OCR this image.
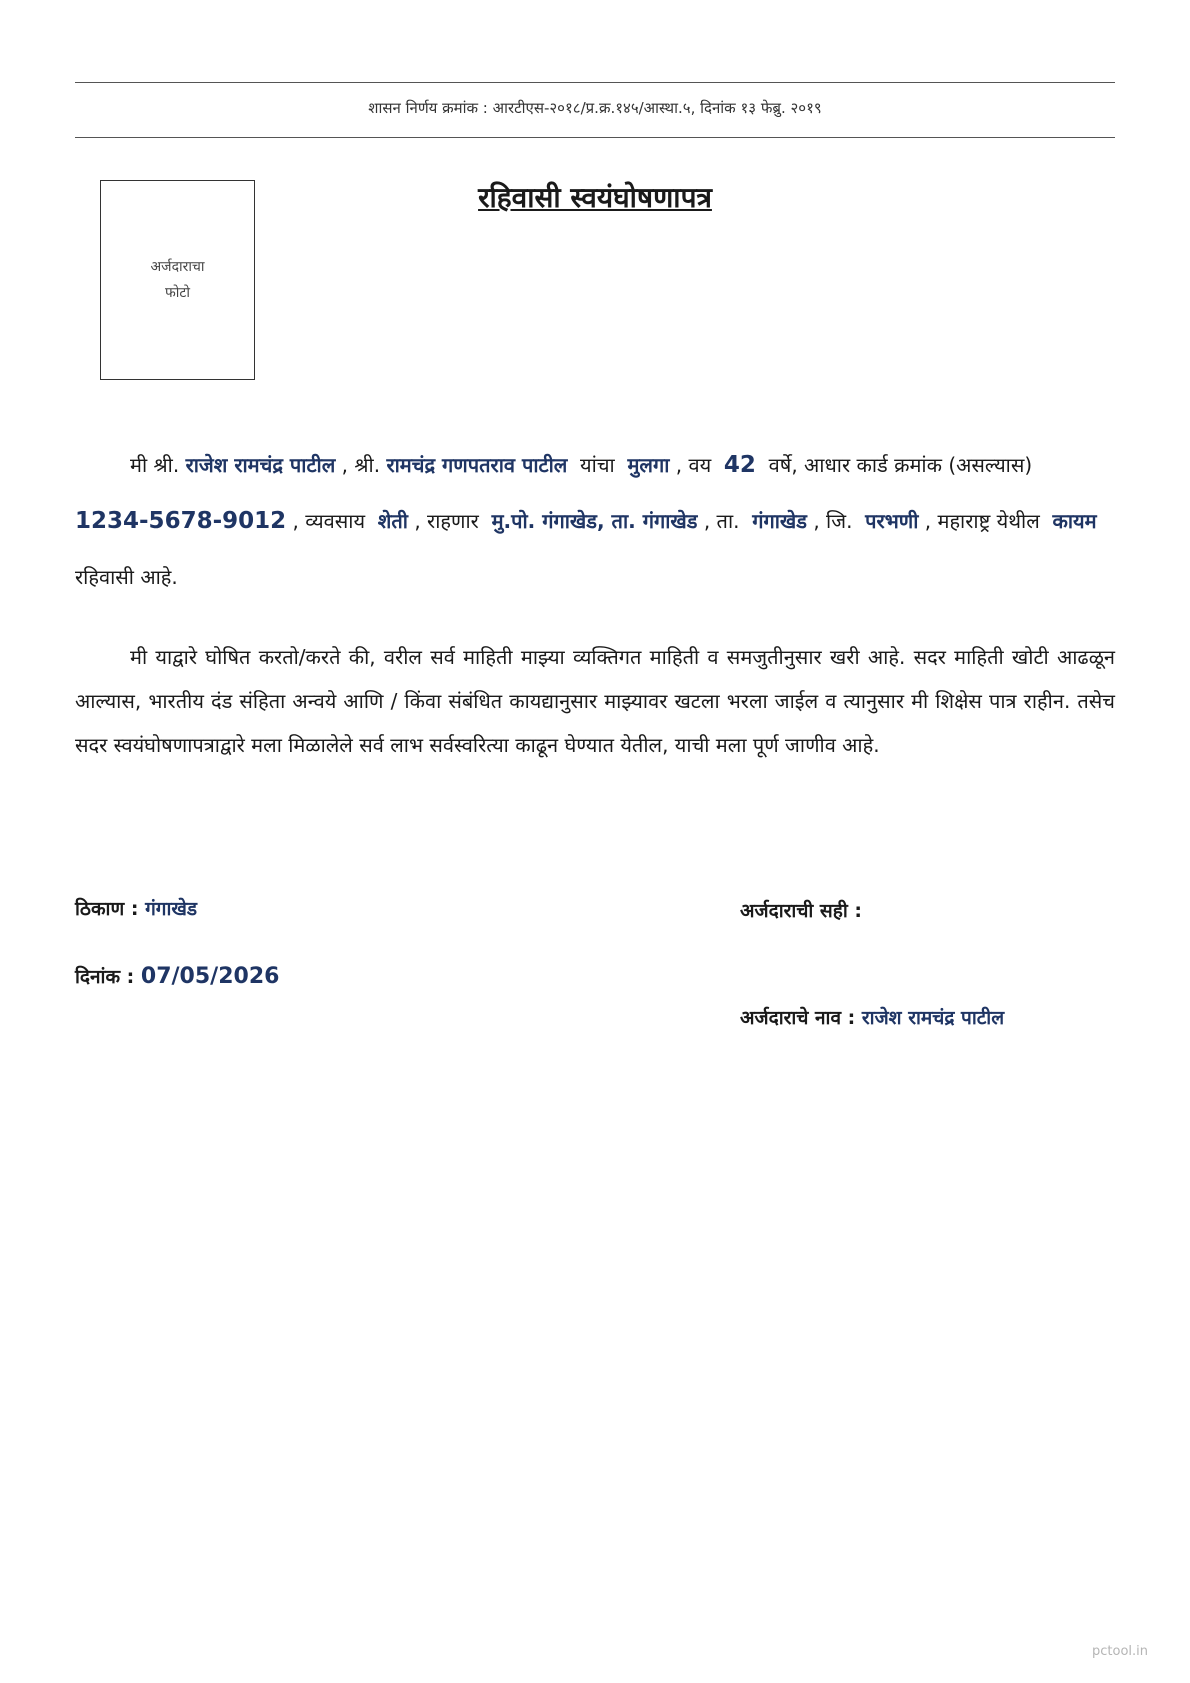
शासन निर्णय क्रमांक : आरटीएस-२०१८/प्र.क्र.१४५/आस्था.५, दिनांक १३ फेब्रु. २०१९
अर्जदाराचा
फोटो
रहिवासी स्वयंघोषणापत्र
मी श्री. राजेश रामचंद्र पाटील , श्री. रामचंद्र गणपतराव पाटील यांचा मुलगा , वय 42 वर्षे, आधार कार्ड क्रमांक (असल्यास)  1234-5678-9012 , व्यवसाय शेती , राहणार मु.पो. गंगाखेड, ता. गंगाखेड , ता. गंगाखेड , जि. परभणी , महाराष्ट्र येथील कायम  रहिवासी आहे.
मी याद्वारे घोषित करतो/करते की, वरील सर्व माहिती माझ्या व्यक्तिगत माहिती व समजुतीनुसार खरी आहे. सदर माहिती खोटी आढळून आल्यास, भारतीय दंड संहिता अन्वये आणि / किंवा संबंधित कायद्यानुसार माझ्यावर खटला भरला जाईल व त्यानुसार मी शिक्षेस पात्र राहीन. तसेच सदर स्वयंघोषणापत्राद्वारे मला मिळालेले सर्व लाभ सर्वस्वरित्या काढून घेण्यात येतील, याची मला पूर्ण जाणीव आहे.
ठिकाण : गंगाखेड
दिनांक : 07/05/2026
अर्जदाराची सही :
अर्जदाराचे नाव : राजेश रामचंद्र पाटील
pctool.in
